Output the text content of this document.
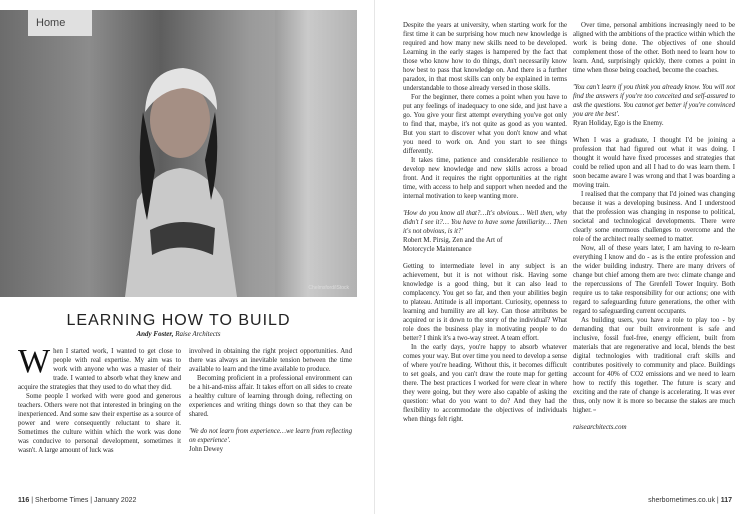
Chelmsford/iStock
Home
LEARNING HOW TO BUILD
Andy Foster, Raise Architects

When I started work, I wanted to get close to people with real expertise. My aim was to work with anyone who was a master of their trade. I wanted to absorb what they knew and acquire the strategies that they used to do what they did.

Some people I worked with were good and generous teachers. Others were not that interested in bringing on the inexperienced. And some saw their expertise as a source of power and were consequently reluctant to share it. Sometimes the culture within which the work was done was conducive to personal development, sometimes it wasn't. A large amount of luck was

involved in obtaining the right project opportunities. And there was always an inevitable tension between the time available to learn and the time available to produce.

Becoming proficient in a professional environment can be a hit-and-miss affair. It takes effort on all sides to create a healthy culture of learning through doing, reflecting on experiences and writing things down so that they can be shared.

'We do not learn from experience…we learn from reflecting on experience'.

John Dewey

116 | Sherborne Times | January 2022

Despite the years at university, when starting work for the first time it can be surprising how much new knowledge is required and how many new skills need to be developed. Learning in the early stages is hampered by the fact that those who know how to do things, don't necessarily know how best to pass that knowledge on. And there is a further paradox, in that most skills can only be explained in terms understandable to those already versed in those skills.

For the beginner, there comes a point when you have to put any feelings of inadequacy to one side, and just have a go. You give your first attempt everything you've got only to find that, maybe, it's not quite as good as you wanted. But you start to discover what you don't know and what you need to work on. And you start to see things differently.

It takes time, patience and considerable resilience to develop new knowledge and new skills across a broad front. And it requires the right opportunities at the right time, with access to help and support when needed and the internal motivation to keep wanting more.

'How do you know all that?…It's obvious… Well then, why didn't I see it?… You have to have some familiarity… Then it's not obvious, is it?'

Robert M. Pirsig, Zen and the Art of

Motorcycle Maintenance

Getting to intermediate level in any subject is an achievement, but it is not without risk. Having some knowledge is a good thing, but it can also lead to complacency. You get so far, and then your abilities begin to plateau. Attitude is all important. Curiosity, openness to learning and humility are all key. Can those attributes be acquired or is it down to the story of the individual? What role does the business play in motivating people to do better? I think it's a two-way street. A team effort.

In the early days, you're happy to absorb whatever comes your way. But over time you need to develop a sense of where you're heading. Without this, it becomes difficult to set goals, and you can't draw the route map for getting there. The best practices I worked for were clear in where they were going, but they were also capable of asking the question: what do you want to do? And they had the flexibility to accommodate the objectives of individuals when things felt right.

Over time, personal ambitions increasingly need to be aligned with the ambitions of the practice within which the work is being done. The objectives of one should complement those of the other. Both need to learn how to learn. And, surprisingly quickly, there comes a point in time when those being coached, become the coaches.

'You can't learn if you think you already know. You will not find the answers if you're too conceited and self-assured to ask the questions. You cannot get better if you're convinced you are the best'.

Ryan Holiday, Ego is the Enemy.

When I was a graduate, I thought I'd be joining a profession that had figured out what it was doing. I thought it would have fixed processes and strategies that could be relied upon and all I had to do was learn them. I soon became aware I was wrong and that I was boarding a moving train.

I realised that the company that I'd joined was changing because it was a developing business. And I understood that the profession was changing in response to political, societal and technological developments. There were clearly some enormous challenges to overcome and the role of the architect really seemed to matter.

Now, all of these years later, I am having to re-learn everything I know and do - as is the entire profession and the wider building industry. There are many drivers of change but chief among them are two: climate change and the repercussions of The Grenfell Tower Inquiry. Both require us to take responsibility for our actions; one with regard to safeguarding future generations, the other with regard to safeguarding current occupants.

As building users, you have a role to play too - by demanding that our built environment is safe and inclusive, fossil fuel-free, energy efficient, built from materials that are regenerative and local, blends the best digital technologies with traditional craft skills and contributes positively to community and place. Buildings account for 40% of CO2 emissions and we need to learn how to rectify this together. The future is scary and exciting and the rate of change is accelerating. It was ever thus, only now it is more so because the stakes are much higher. ▫

raisearchitects.com

sherbornetimes.co.uk | 117
